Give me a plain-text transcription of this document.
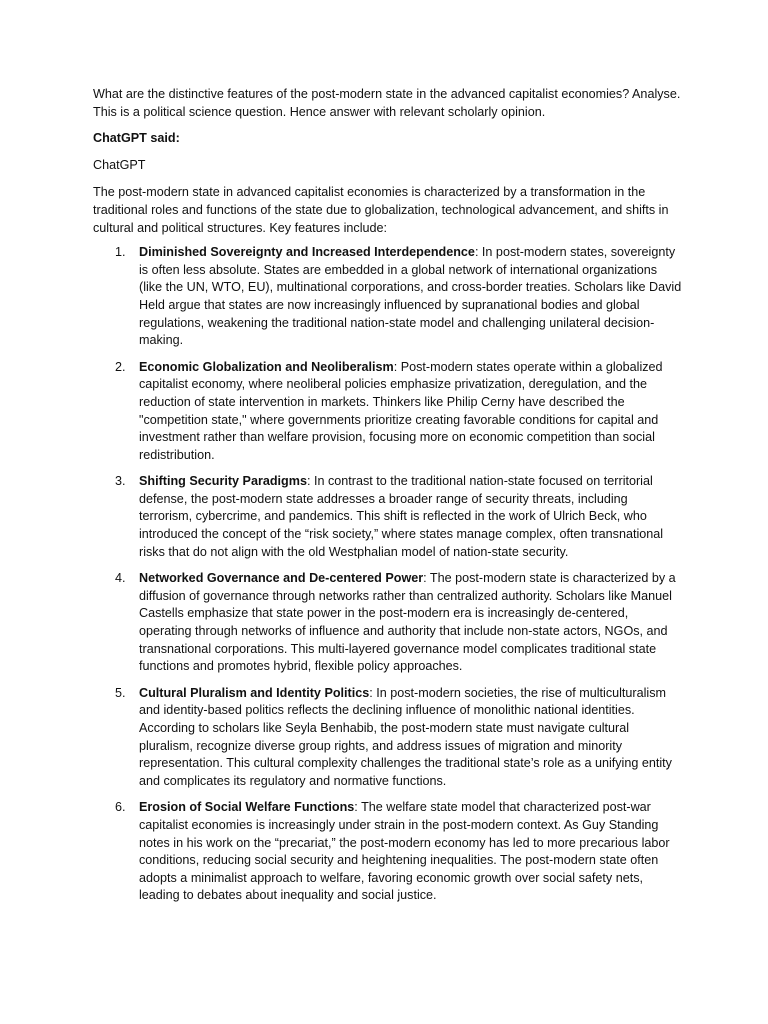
What are the distinctive features of the post-modern state in the advanced capitalist economies? Analyse. This is a political science question. Hence answer with relevant scholarly opinion.

ChatGPT said:

ChatGPT

The post-modern state in advanced capitalist economies is characterized by a transformation in the traditional roles and functions of the state due to globalization, technological advancement, and shifts in cultural and political structures. Key features include:

1. Diminished Sovereignty and Increased Interdependence: In post-modern states, sovereignty is often less absolute. States are embedded in a global network of international organizations (like the UN, WTO, EU), multinational corporations, and cross-border treaties. Scholars like David Held argue that states are now increasingly influenced by supranational bodies and global regulations, weakening the traditional nation-state model and challenging unilateral decision-making.
2. Economic Globalization and Neoliberalism: Post-modern states operate within a globalized capitalist economy, where neoliberal policies emphasize privatization, deregulation, and the reduction of state intervention in markets. Thinkers like Philip Cerny have described the "competition state," where governments prioritize creating favorable conditions for capital and investment rather than welfare provision, focusing more on economic competition than social redistribution.
3. Shifting Security Paradigms: In contrast to the traditional nation-state focused on territorial defense, the post-modern state addresses a broader range of security threats, including terrorism, cybercrime, and pandemics. This shift is reflected in the work of Ulrich Beck, who introduced the concept of the “risk society,” where states manage complex, often transnational risks that do not align with the old Westphalian model of nation-state security.
4. Networked Governance and De-centered Power: The post-modern state is characterized by a diffusion of governance through networks rather than centralized authority. Scholars like Manuel Castells emphasize that state power in the post-modern era is increasingly de-centered, operating through networks of influence and authority that include non-state actors, NGOs, and transnational corporations. This multi-layered governance model complicates traditional state functions and promotes hybrid, flexible policy approaches.
5. Cultural Pluralism and Identity Politics: In post-modern societies, the rise of multiculturalism and identity-based politics reflects the declining influence of monolithic national identities. According to scholars like Seyla Benhabib, the post-modern state must navigate cultural pluralism, recognize diverse group rights, and address issues of migration and minority representation. This cultural complexity challenges the traditional state’s role as a unifying entity and complicates its regulatory and normative functions.
6. Erosion of Social Welfare Functions: The welfare state model that characterized post-war capitalist economies is increasingly under strain in the post-modern context. As Guy Standing notes in his work on the “precariat,” the post-modern economy has led to more precarious labor conditions, reducing social security and heightening inequalities. The post-modern state often adopts a minimalist approach to welfare, favoring economic growth over social safety nets, leading to debates about inequality and social justice.
